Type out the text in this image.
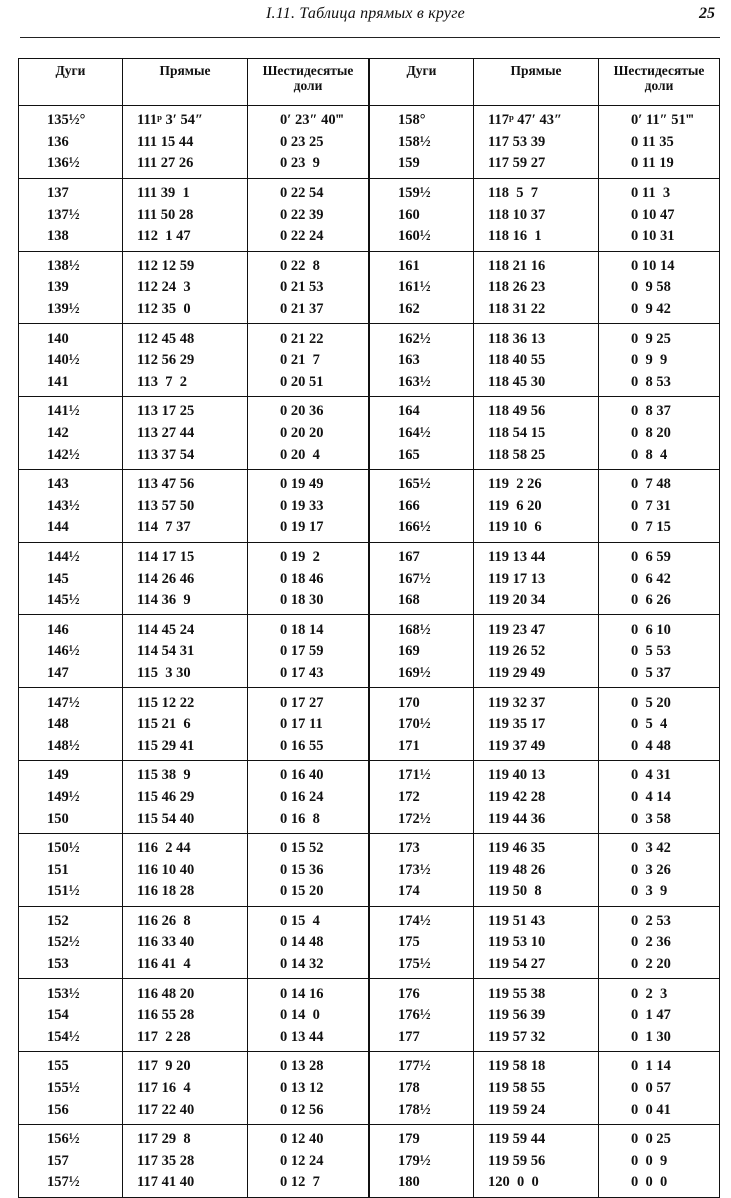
I.11. Таблица прямых в круге	25
Дуги	Прямые	Шестидесятые доли
135½°	111ᵖ 3′ 54″	0′ 23″ 40‴
136	111 15 44	0 23 25
136½	111 27 26	0 23  9
137	111 39  1	0 22 54
137½	111 50 28	0 22 39
138	112  1 47	0 22 24
138½	112 12 59	0 22  8
139	112 24  3	0 21 53
139½	112 35  0	0 21 37
140	112 45 48	0 21 22
140½	112 56 29	0 21  7
141	113  7  2	0 20 51
141½	113 17 25	0 20 36
142	113 27 44	0 20 20
142½	113 37 54	0 20  4
143	113 47 56	0 19 49
143½	113 57 50	0 19 33
144	114  7 37	0 19 17
144½	114 17 15	0 19  2
145	114 26 46	0 18 46
145½	114 36  9	0 18 30
146	114 45 24	0 18 14
146½	114 54 31	0 17 59
147	115  3 30	0 17 43
147½	115 12 22	0 17 27
148	115 21  6	0 17 11
148½	115 29 41	0 16 55
149	115 38  9	0 16 40
149½	115 46 29	0 16 24
150	115 54 40	0 16  8
150½	116  2 44	0 15 52
151	116 10 40	0 15 36
151½	116 18 28	0 15 20
152	116 26  8	0 15  4
152½	116 33 40	0 14 48
153	116 41  4	0 14 32
153½	116 48 20	0 14 16
154	116 55 28	0 14  0
154½	117  2 28	0 13 44
155	117  9 20	0 13 28
155½	117 16  4	0 13 12
156	117 22 40	0 12 56
156½	117 29  8	0 12 40
157	117 35 28	0 12 24
157½	117 41 40	0 12  7
Дуги	Прямые	Шестидесятые доли
158°	117ᵖ 47′ 43″	0′ 11″ 51‴
158½	117 53 39	0 11 35
159	117 59 27	0 11 19
159½	118  5  7	0 11  3
160	118 10 37	0 10 47
160½	118 16  1	0 10 31
161	118 21 16	0 10 14
161½	118 26 23	0  9 58
162	118 31 22	0  9 42
162½	118 36 13	0  9 25
163	118 40 55	0  9  9
163½	118 45 30	0  8 53
164	118 49 56	0  8 37
164½	118 54 15	0  8 20
165	118 58 25	0  8  4
165½	119  2 26	0  7 48
166	119  6 20	0  7 31
166½	119 10  6	0  7 15
167	119 13 44	0  6 59
167½	119 17 13	0  6 42
168	119 20 34	0  6 26
168½	119 23 47	0  6 10
169	119 26 52	0  5 53
169½	119 29 49	0  5 37
170	119 32 37	0  5 20
170½	119 35 17	0  5  4
171	119 37 49	0  4 48
171½	119 40 13	0  4 31
172	119 42 28	0  4 14
172½	119 44 36	0  3 58
173	119 46 35	0  3 42
173½	119 48 26	0  3 26
174	119 50  8	0  3  9
174½	119 51 43	0  2 53
175	119 53 10	0  2 36
175½	119 54 27	0  2 20
176	119 55 38	0  2  3
176½	119 56 39	0  1 47
177	119 57 32	0  1 30
177½	119 58 18	0  1 14
178	119 58 55	0  0 57
178½	119 59 24	0  0 41
179	119 59 44	0  0 25
179½	119 59 56	0  0  9
180	120  0  0	0  0  0
